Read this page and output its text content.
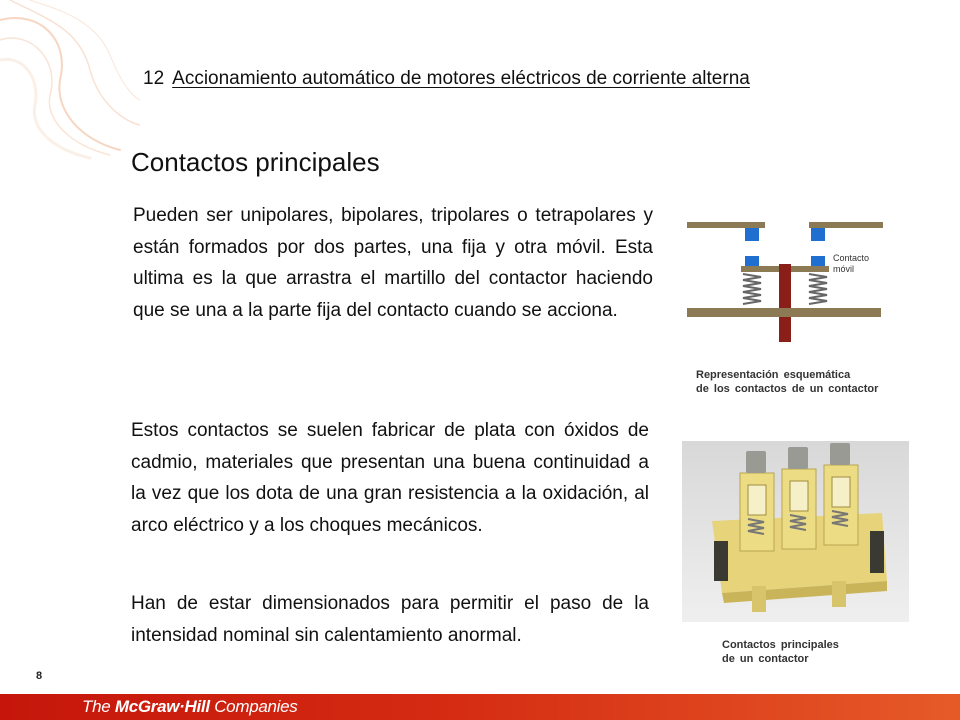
12 Accionamiento automático de motores eléctricos de corriente alterna
Contactos principales

Pueden ser unipolares, bipolares, tripolares o tetrapolares y están formados por dos partes, una fija y otra móvil. Esta ultima es la que arrastra el martillo del contactor haciendo que se una a la parte fija del contacto cuando se acciona.

Estos contactos se suelen fabricar de plata con óxidos de cadmio, materiales que presentan una buena continuidad a la vez que los dota de una gran resistencia a la oxidación, al arco eléctrico y a los choques mecánicos.

Han de estar dimensionados para permitir el paso de la intensidad nominal sin calentamiento anormal.

Contacto
móvil
Representación esquemática
de los contactos de un contactor
Contactos principales
de un contactor
8
The McGraw·Hill Companies
